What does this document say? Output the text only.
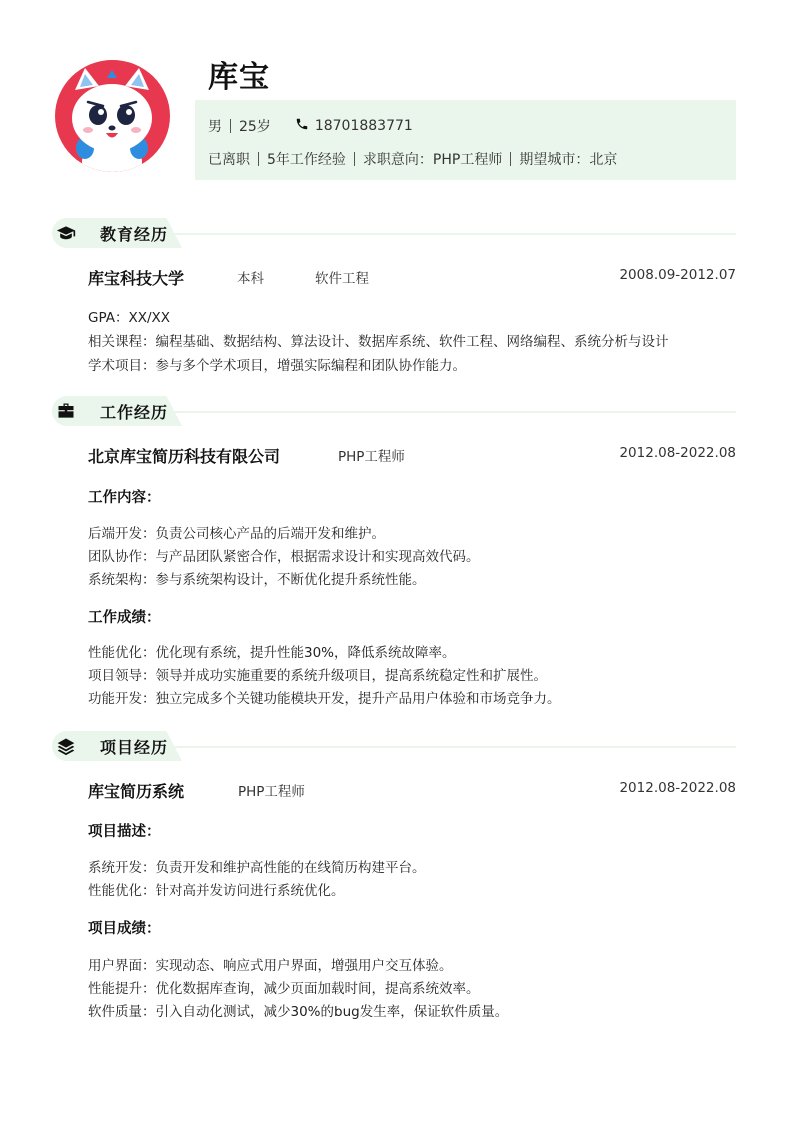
库宝
男 25岁	18701883771
已离职 5年工作经验 求职意向：PHP工程师 期望城市：北京
教育经历
库宝科技大学	本科	软件工程	2008.09-2012.07
GPA：XX/XX
相关课程：编程基础、数据结构、算法设计、数据库系统、软件工程、网络编程、系统分析与设计
学术项目：参与多个学术项目，增强实际编程和团队协作能力。
工作经历
北京库宝简历科技有限公司	PHP工程师	2012.08-2022.08
工作内容：
后端开发：负责公司核心产品的后端开发和维护。
团队协作：与产品团队紧密合作，根据需求设计和实现高效代码。
系统架构：参与系统架构设计，不断优化提升系统性能。
工作成绩：
性能优化：优化现有系统，提升性能30%，降低系统故障率。
项目领导：领导并成功实施重要的系统升级项目，提高系统稳定性和扩展性。
功能开发：独立完成多个关键功能模块开发，提升产品用户体验和市场竞争力。
项目经历
库宝简历系统	PHP工程师	2012.08-2022.08
项目描述：
系统开发：负责开发和维护高性能的在线简历构建平台。
性能优化：针对高并发访问进行系统优化。
项目成绩：
用户界面：实现动态、响应式用户界面，增强用户交互体验。
性能提升：优化数据库查询，减少页面加载时间，提高系统效率。
软件质量：引入自动化测试，减少30%的bug发生率，保证软件质量。
